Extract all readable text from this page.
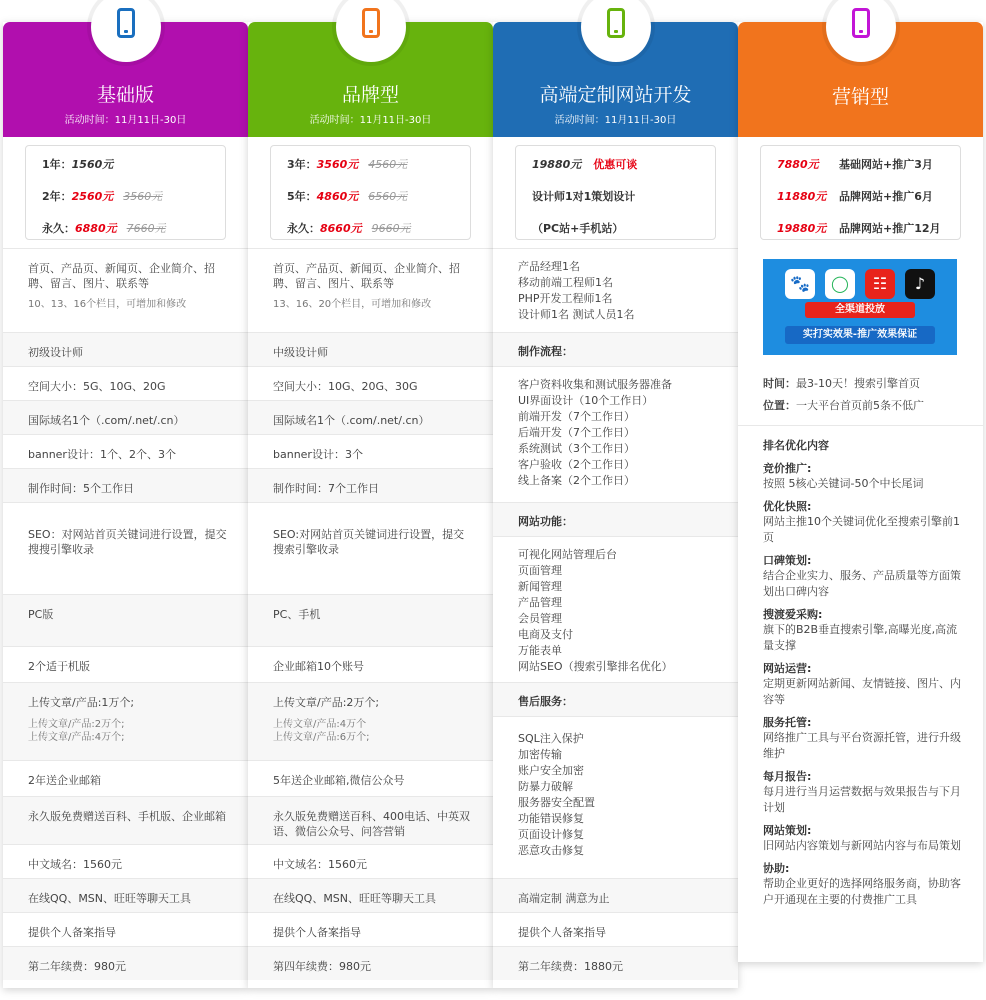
基础版
活动时间：11月11日-30日
1年：1560元
2年：2560元 3560元
永久：6880元 7660元
首页、产品页、新闻页、企业简介、招聘、留言、图片、联系等
10、13、16个栏目，可增加和修改
初级设计师
空间大小：5G、10G、20G
国际域名1个（.com/.net/.cn）
banner设计：1个、2个、3个
制作时间：5个工作日
SEO：对网站首页关键词进行设置，提交搜搜引擎收录
PC版
2个适于机版
上传文章/产品:1万个;
上传文章/产品:2万个;
上传文章/产品:4万个;
2年送企业邮箱
永久版免费赠送百科、手机版、企业邮箱
中文域名：1560元
在线QQ、MSN、旺旺等聊天工具
提供个人备案指导
第二年续费：980元
品牌型
活动时间：11月11日-30日
3年：3560元 4560元
5年：4860元 6560元
永久：8660元 9660元
首页、产品页、新闻页、企业简介、招聘、留言、图片、联系等
13、16、20个栏目，可增加和修改
中级设计师
空间大小：10G、20G、30G
国际域名1个（.com/.net/.cn）
banner设计：3个
制作时间：7个工作日
SEO:对网站首页关键词进行设置，提交搜索引擎收录
PC、手机
企业邮箱10个账号
上传文章/产品:2万个;
上传文章/产品:4万个
上传文章/产品:6万个;
5年送企业邮箱,微信公众号
永久版免费赠送百科、400电话、中英双语、微信公众号、问答营销
中文域名：1560元
在线QQ、MSN、旺旺等聊天工具
提供个人备案指导
第四年续费：980元
高端定制网站开发
活动时间：11月11日-30日
19880元 优惠可谈
设计师1对1策划设计
（PC站+手机站）
产品经理1名
移动前端工程师1名
PHP开发工程师1名
设计师1名 测试人员1名
制作流程：
客户资料收集和测试服务器准备
UI界面设计（10个工作日）
前端开发（7个工作日）
后端开发（7个工作日）
系统测试（3个工作日）
客户验收（2个工作日）
线上备案（2个工作日）
网站功能：
可视化网站管理后台
页面管理
新闻管理
产品管理
会员管理
电商及支付
万能表单
网站SEO（搜索引擎排名优化）
售后服务：
SQL注入保护
加密传输
账户安全加密
防暴力破解
服务器安全配置
功能错误修复
页面设计修复
恶意攻击修复
高端定制 满意为止
提供个人备案指导
第二年续费：1880元
营销型
7880元 基础网站+推广3月
11880元 品牌网站+推广6月
19880元 品牌网站+推广12月
时间：最3-10天！搜索引擎首页
位置：一大平台首页前5条不低广
排名优化内容
竞价推广:
按照 5核心关键词-50个中长尾词
优化快照:
网站主推10个关键词优化至搜索引擎前1页
口碑策划:
结合企业实力、服务、产品质量等方面策划出口碑内容
搜渡爱采购:
旗下的B2B垂直搜索引擎,高曝光度,高流量支撑
网站运营:
定期更新网站新闻、友情链接、图片、内容等
服务托管:
网络推广工具与平台资源托管，进行升级维护
每月报告:
每月进行当月运营数据与效果报告与下月计划
网站策划:
旧网站内容策划与新网站内容与布局策划
协助:
帮助企业更好的选择网络服务商，协助客户开通现在主要的付费推广工具
🐾	◯	☷	♪
全渠道投放
实打实效果-推广效果保证
